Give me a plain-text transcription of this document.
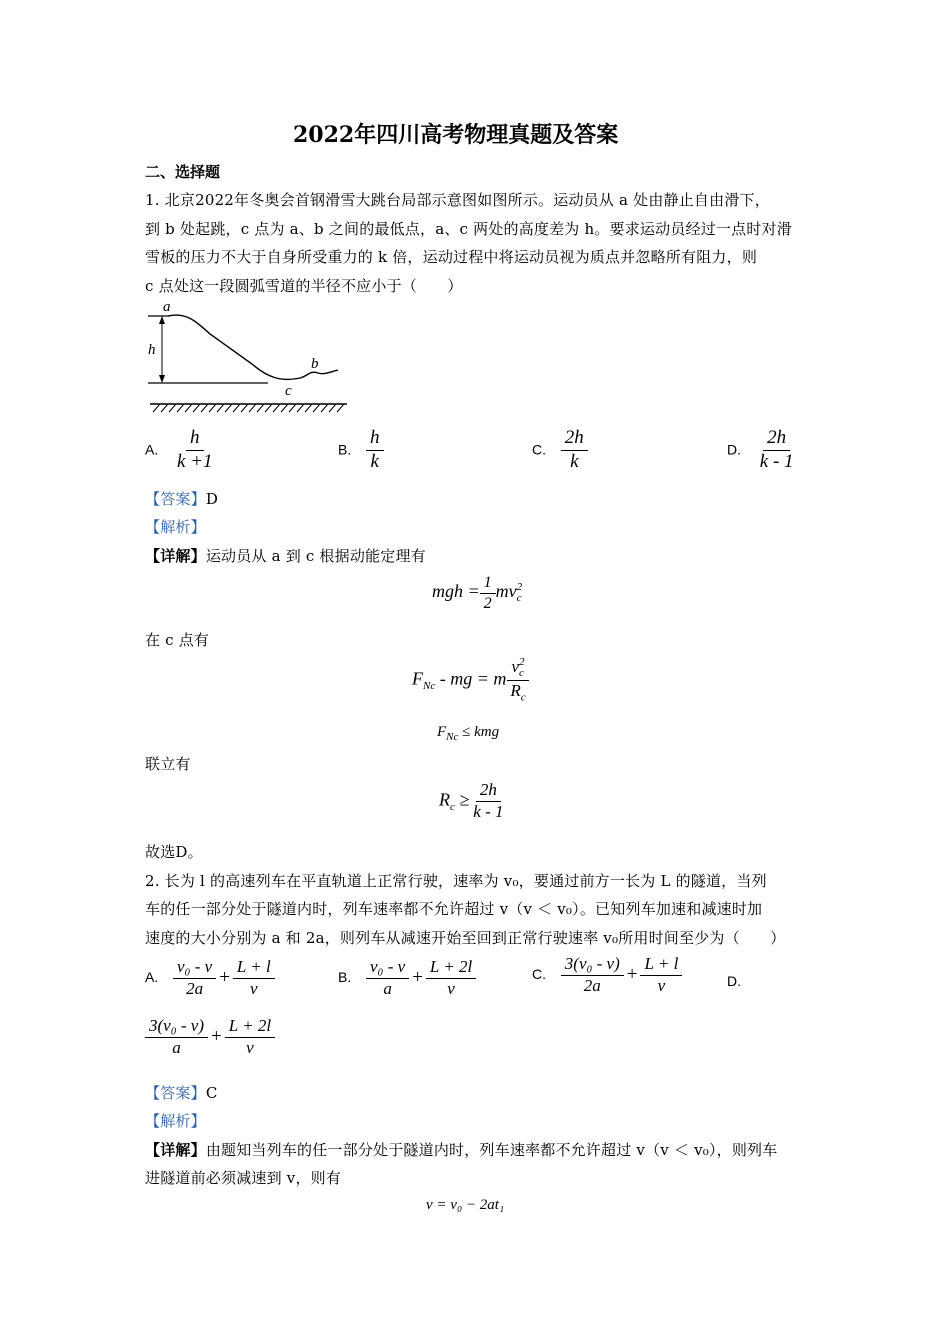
2022年四川高考物理真题及答案
二、选择题
1. 北京2022年冬奥会首钢滑雪大跳台局部示意图如图所示。运动员从 a 处由静止自由滑下，
到 b 处起跳，c 点为 a、b 之间的最低点，a、c 两处的高度差为 h。要求运动员经过一点时对滑
雪板的压力不大于自身所受重力的 k 倍，运动过程中将运动员视为质点并忽略所有阻力，则
c 点处这一段圆弧雪道的半径不应小于（　　）
a
h
c
b
A. $\frac{h}{k +1}$	B. $\frac{h}{k}$	C. $\frac{2h}{k}$	D. $\frac{2h}{k - 1}$
【答案】D
【解析】
【详解】运动员从 a 到 c 根据动能定理有
mgh = $\frac{1}{2}$ mv 2
c
在 c 点有
$F_{Nc}$ - mg = m v 2
c
$R_c$
$F_{Nc}$ ≤ kmg
联立有
$R_c \ge \frac{2h}{k - 1}$
故选D。
2. 长为 l 的高速列车在平直轨道上正常行驶，速率为 v₀，要通过前方一长为 L 的隧道，当列
车的任一部分处于隧道内时，列车速率都不允许超过 v（v ＜ v₀）。已知列车加速和减速时加
速度的大小分别为 a 和 2a，则列车从减速开始至回到正常行驶速率 v₀所用时间至少为（　　）
A. $\frac{\text{v₀ - v}}{2a} + \frac{L + l}{v}$	B. $\frac{\text{v₀ - v}}{a} + \frac{L + 2l}{v}$	C. $\frac{\text{3(v₀ - v)}}{2a} + \frac{L + l}{v}$	D.
$\frac{\text{3(v₀ - v)}}{a} + \frac{L + 2l}{v}$
【答案】C
【解析】
【详解】由题知当列车的任一部分处于隧道内时，列车速率都不允许超过 v（v ＜ v₀），则列车
进隧道前必须减速到 v，则有
v = v₀ − 2at₁
